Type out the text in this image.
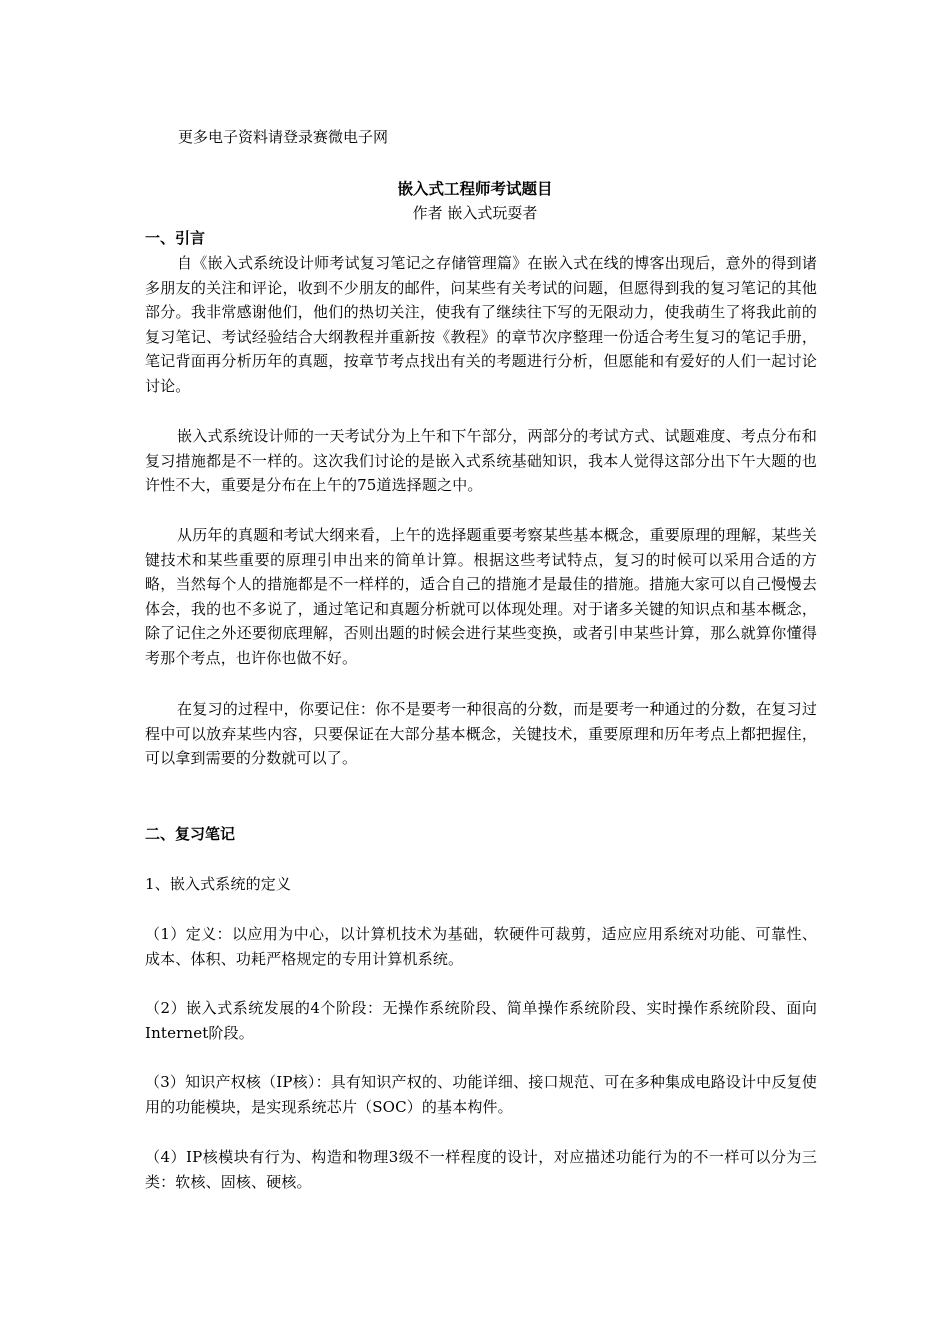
更多电子资料请登录赛微电子网
嵌入式工程师考试题目
作者 嵌入式玩耍者
一、引言

自《嵌入式系统设计师考试复习笔记之存储管理篇》在嵌入式在线的博客出现后，意外的得到诸多朋友的关注和评论，收到不少朋友的邮件，问某些有关考试的问题，但愿得到我的复习笔记的其他部分。我非常感谢他们，他们的热切关注，使我有了继续往下写的无限动力，使我萌生了将我此前的复习笔记、考试经验结合大纲教程并重新按《教程》的章节次序整理一份适合考生复习的笔记手册，笔记背面再分析历年的真题，按章节考点找出有关的考题进行分析，但愿能和有爱好的人们一起讨论讨论。

嵌入式系统设计师的一天考试分为上午和下午部分，两部分的考试方式、试题难度、考点分布和复习措施都是不一样的。这次我们讨论的是嵌入式系统基础知识，我本人觉得这部分出下午大题的也许性不大，重要是分布在上午的75道选择题之中。

从历年的真题和考试大纲来看，上午的选择题重要考察某些基本概念，重要原理的理解，某些关键技术和某些重要的原理引申出来的简单计算。根据这些考试特点，复习的时候可以采用合适的方略，当然每个人的措施都是不一样样的，适合自己的措施才是最佳的措施。措施大家可以自己慢慢去体会，我的也不多说了，通过笔记和真题分析就可以体现处理。对于诸多关键的知识点和基本概念，除了记住之外还要彻底理解，否则出题的时候会进行某些变换，或者引申某些计算，那么就算你懂得考那个考点，也许你也做不好。

在复习的过程中，你要记住：你不是要考一种很高的分数，而是要考一种通过的分数，在复习过程中可以放弃某些内容，只要保证在大部分基本概念，关键技术，重要原理和历年考点上都把握住，可以拿到需要的分数就可以了。

二、复习笔记

1、嵌入式系统的定义

（1）定义：以应用为中心，以计算机技术为基础，软硬件可裁剪，适应应用系统对功能、可靠性、成本、体积、功耗严格规定的专用计算机系统。

（2）嵌入式系统发展的4个阶段：无操作系统阶段、简单操作系统阶段、实时操作系统阶段、面向Internet阶段。

（3）知识产权核（IP核）：具有知识产权的、功能详细、接口规范、可在多种集成电路设计中反复使用的功能模块，是实现系统芯片（SOC）的基本构件。

（4）IP核模块有行为、构造和物理3级不一样程度的设计，对应描述功能行为的不一样可以分为三类：软核、固核、硬核。
